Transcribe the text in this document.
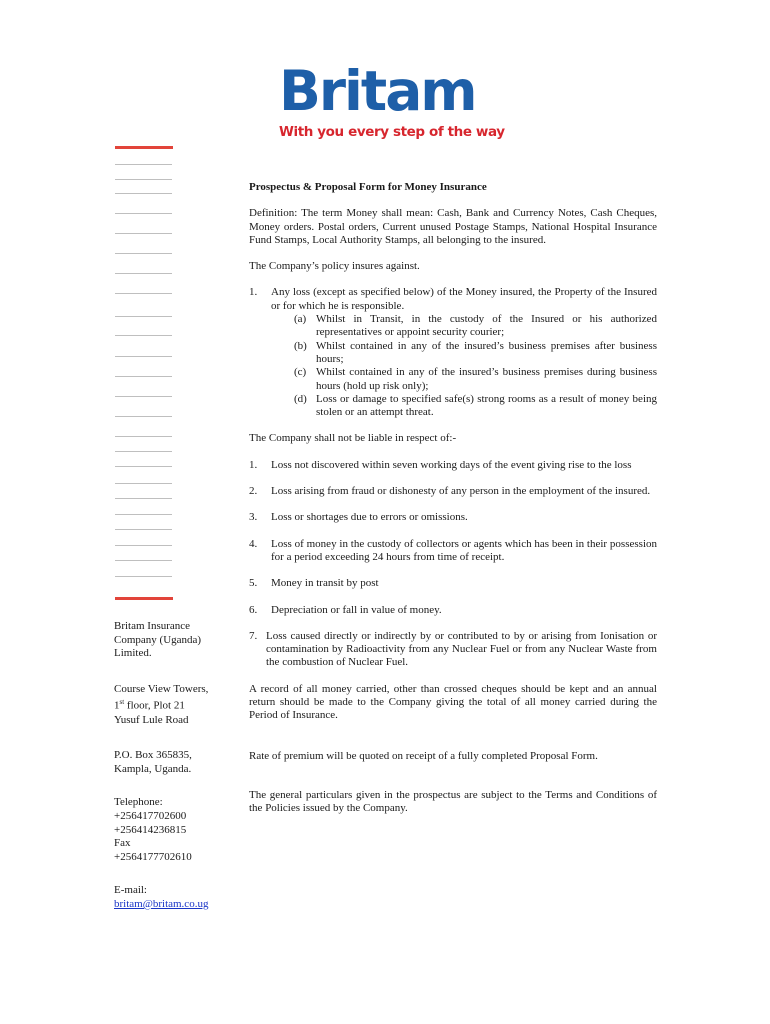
Britam
With you every step of the way
Britam Insurance
Company (Uganda)
Limited.
Course View Towers,
1st floor, Plot 21
Yusuf Lule Road
P.O. Box 365835,
Kampla, Uganda.
Telephone:
+256417702600
+256414236815
Fax
+2564177702610
E-mail:
britam@britam.co.ug

Prospectus & Proposal Form for Money Insurance

Definition: The term Money shall mean: Cash, Bank and Currency Notes, Cash Cheques, Money orders. Postal orders, Current unused Postage Stamps, National Hospital Insurance Fund Stamps, Local Authority Stamps, all belonging to the insured.

The Company’s policy insures against.

1.	Any loss (except as specified below) of the Money insured, the Property of the Insured or for which he is responsible.
(a) Whilst in Transit, in the custody of the Insured or his authorized representatives or appoint security courier;
(b) Whilst contained in any of the insured’s business premises after business hours;
(c) Whilst contained in any of the insured’s business premises during business hours (hold up risk only);
(d) Loss or damage to specified safe(s) strong rooms as a result of money being stolen or an attempt threat.

The Company shall not be liable in respect of:-

1.	Loss not discovered within seven working days of the event giving rise to the loss
2.	Loss arising from fraud or dishonesty of any person in the employment of the insured.
3.	Loss or shortages due to errors or omissions.
4.	Loss of money in the custody of collectors or agents which has been in their possession for a period exceeding 24 hours from time of receipt.
5.	Money in transit by post
6.	Depreciation or fall in value of money.
7. Loss caused directly or indirectly by or contributed to by or arising from Ionisation or contamination by Radioactivity from any Nuclear Fuel or from any Nuclear Waste from the combustion of Nuclear Fuel.

A record of all money carried, other than crossed cheques should be kept and an annual return should be made to the Company giving the total of all money carried during the Period of Insurance.

Rate of premium will be quoted on receipt of a fully completed Proposal Form.

The general particulars given in the prospectus are subject to the Terms and Conditions of the Policies issued by the Company.
